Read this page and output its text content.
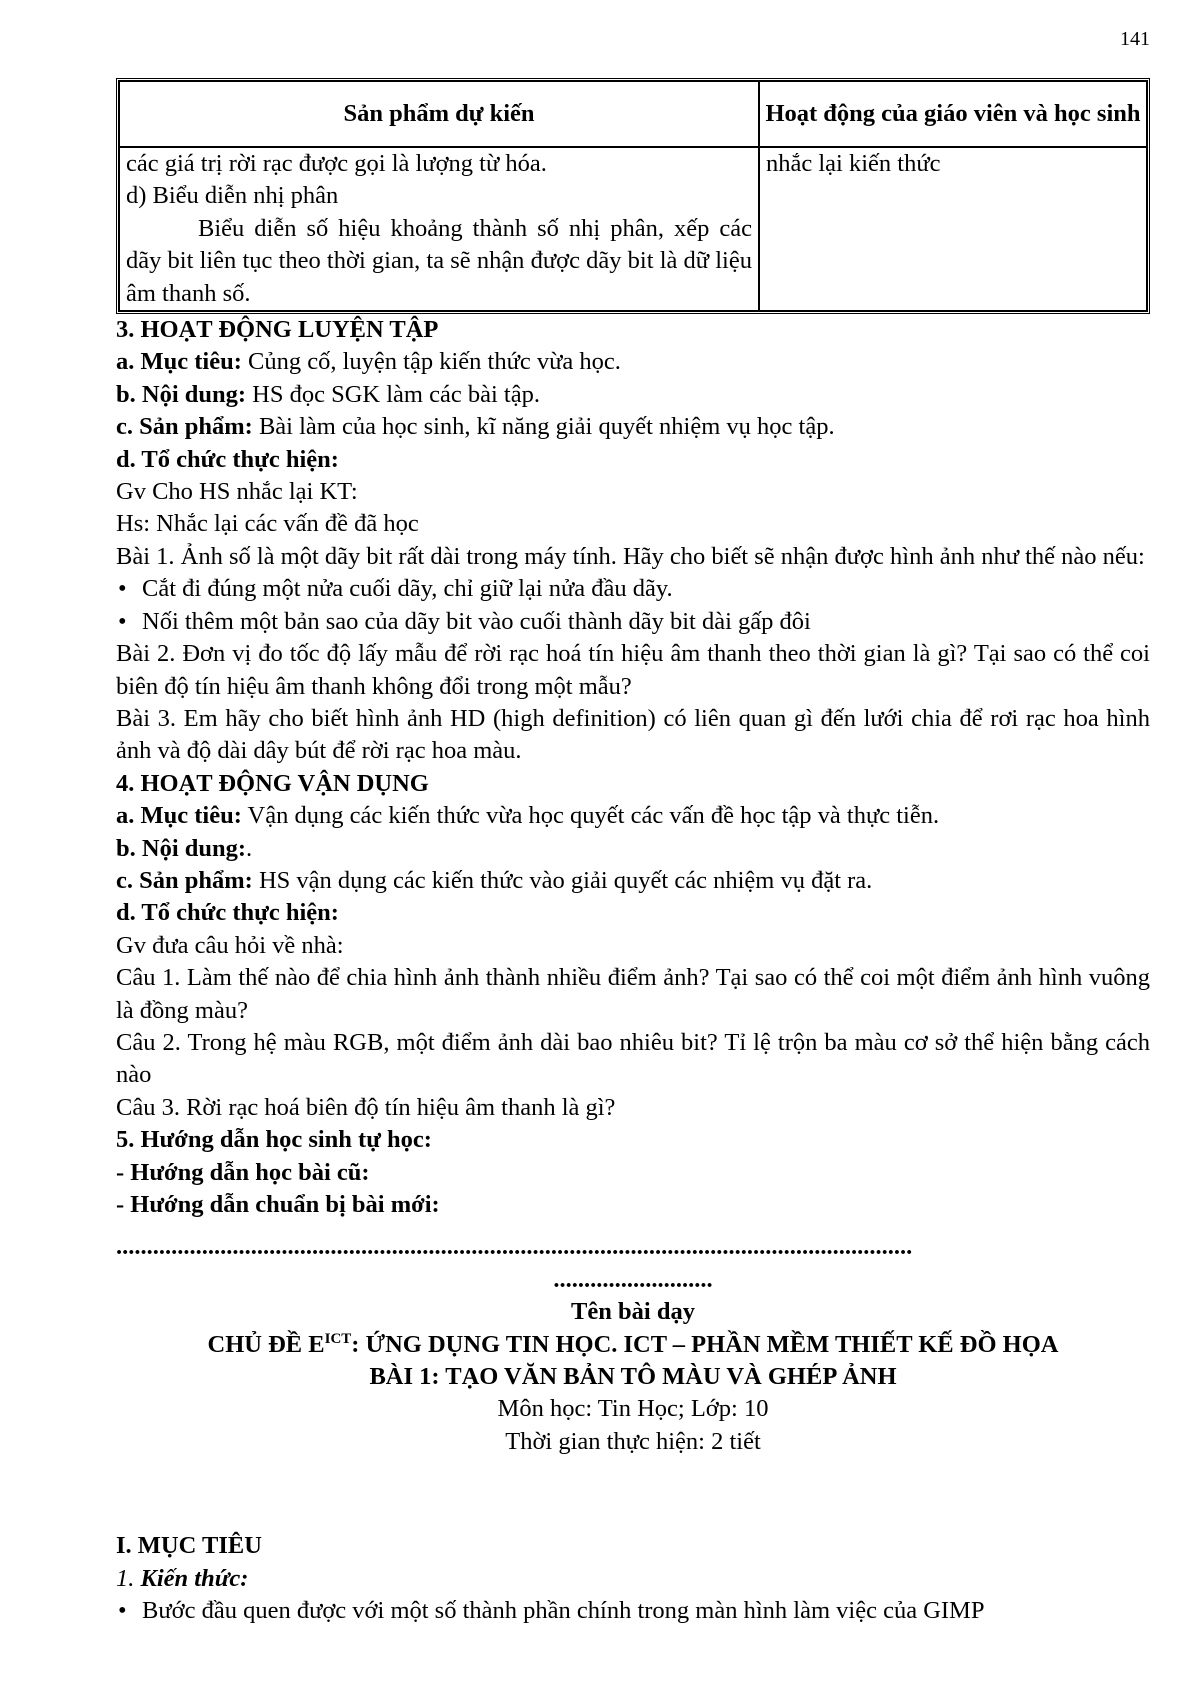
141
Sản phẩm dự kiến	Hoạt động của giáo viên và học sinh

các giá trị rời rạc được gọi là lượng từ hóa.

d) Biểu diễn nhị phân

Biểu diễn số hiệu khoảng thành số nhị phân, xếp các dãy bit liên tục theo thời gian, ta sẽ nhận được dãy bit là dữ liệu âm thanh số.	nhắc lại kiến thức

3. HOẠT ĐỘNG LUYỆN TẬP

a. Mục tiêu: Củng cố, luyện tập kiến thức vừa học.

b. Nội dung: HS đọc SGK làm các bài tập.

c. Sản phẩm: Bài làm của học sinh, kĩ năng giải quyết nhiệm vụ học tập.

d. Tổ chức thực hiện:

Gv Cho HS nhắc lại KT:

Hs: Nhắc lại các vấn đề đã học

Bài 1. Ảnh số là một dãy bit rất dài trong máy tính. Hãy cho biết sẽ nhận được hình ảnh như thế nào nếu:

• Cắt đi đúng một nửa cuối dãy, chỉ giữ lại nửa đầu dãy.

• Nối thêm một bản sao của dãy bit vào cuối thành dãy bit dài gấp đôi

Bài 2. Đơn vị đo tốc độ lấy mẫu để rời rạc hoá tín hiệu âm thanh theo thời gian là gì? Tại sao có thể coi biên độ tín hiệu âm thanh không đổi trong một mẫu?

Bài 3. Em hãy cho biết hình ảnh HD (high definition) có liên quan gì đến lưới chia để rơi rạc hoa hình ảnh và độ dài dây bút để rời rạc hoa màu.

4. HOẠT ĐỘNG VẬN DỤNG

a. Mục tiêu: Vận dụng các kiến thức vừa học quyết các vấn đề học tập và thực tiễn.

b. Nội dung:.

c. Sản phẩm: HS vận dụng các kiến thức vào giải quyết các nhiệm vụ đặt ra.

d. Tổ chức thực hiện:

Gv đưa câu hỏi về nhà:

Câu 1. Làm thế nào để chia hình ảnh thành nhiều điểm ảnh? Tại sao có thể coi một điểm ảnh hình vuông là đồng màu?

Câu 2. Trong hệ màu RGB, một điểm ảnh dài bao nhiêu bit? Tỉ lệ trộn ba màu cơ sở thể hiện bằng cách nào

Câu 3. Rời rạc hoá biên độ tín hiệu âm thanh là gì?

5. Hướng dẫn học sinh tự học:

- Hướng dẫn học bài cũ:

- Hướng dẫn chuẩn bị bài mới:

..................................................................................................................................

..........................

Tên bài dạy

CHỦ ĐỀ $E^{ICT}$: ỨNG DỤNG TIN HỌC. ICT – PHẦN MỀM THIẾT KẾ ĐỒ HỌA

BÀI 1: TẠO VĂN BẢN TÔ MÀU VÀ GHÉP ẢNH

Môn học: Tin Học; Lớp: 10

Thời gian thực hiện: 2 tiết

I. MỤC TIÊU

1. Kiến thức:

• Bước đầu quen được với một số thành phần chính trong màn hình làm việc của GIMP
